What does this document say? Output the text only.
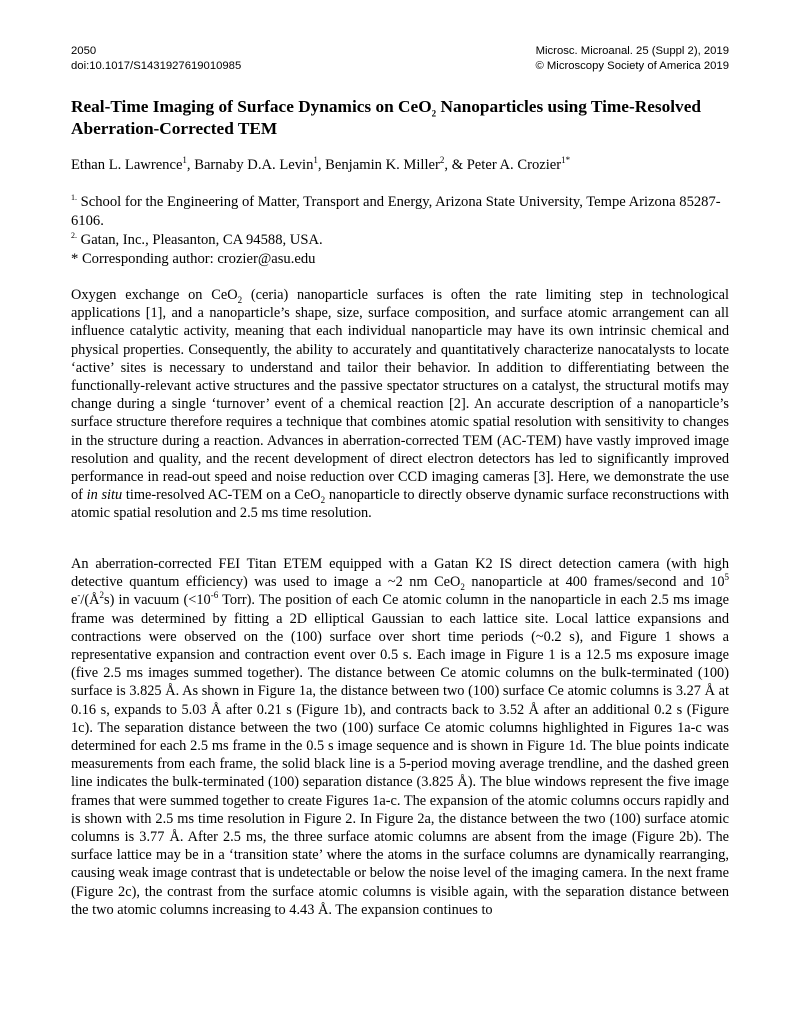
2050
doi:10.1017/S1431927619010985
Microsc. Microanal. 25 (Suppl 2), 2019
© Microscopy Society of America 2019
Real-Time Imaging of Surface Dynamics on CeO$_2$ Nanoparticles using Time-Resolved Aberration-Corrected TEM
Ethan L. Lawrence$^1$, Barnaby D.A. Levin$^1$, Benjamin K. Miller$^2$, & Peter A. Crozier$^{1*}$
$^{1.}$ School for the Engineering of Matter, Transport and Energy, Arizona State University, Tempe Arizona 85287-6106.
$^{2.}$ Gatan, Inc., Pleasanton, CA 94588, USA.
* Corresponding author: crozier@asu.edu
Oxygen exchange on CeO$_2$ (ceria) nanoparticle surfaces is often the rate limiting step in technological applications [1], and a nanoparticle’s shape, size, surface composition, and surface atomic arrangement can all influence catalytic activity, meaning that each individual nanoparticle may have its own intrinsic chemical and physical properties. Consequently, the ability to accurately and quantitatively characterize nanocatalysts to locate ‘active’ sites is necessary to understand and tailor their behavior. In addition to differentiating between the functionally-relevant active structures and the passive spectator structures on a catalyst, the structural motifs may change during a single ‘turnover’ event of a chemical reaction [2]. An accurate description of a nanoparticle’s surface structure therefore requires a technique that combines atomic spatial resolution with sensitivity to changes in the structure during a reaction. Advances in aberration-corrected TEM (AC-TEM) have vastly improved image resolution and quality, and the recent development of direct electron detectors has led to significantly improved performance in read-out speed and noise reduction over CCD imaging cameras [3]. Here, we demonstrate the use of in situ time-resolved AC-TEM on a CeO$_2$ nanoparticle to directly observe dynamic surface reconstructions with atomic spatial resolution and 2.5 ms time resolution.
An aberration-corrected FEI Titan ETEM equipped with a Gatan K2 IS direct detection camera (with high detective quantum efficiency) was used to image a ~2 nm CeO$_2$ nanoparticle at 400 frames/second and $10^5$ $e^-/(Å^2s)$ in vacuum ($<10^{-6}$ Torr). The position of each Ce atomic column in the nanoparticle in each 2.5 ms image frame was determined by fitting a 2D elliptical Gaussian to each lattice site. Local lattice expansions and contractions were observed on the (100) surface over short time periods (~0.2 s), and Figure 1 shows a representative expansion and contraction event over 0.5 s. Each image in Figure 1 is a 12.5 ms exposure image (five 2.5 ms images summed together). The distance between Ce atomic columns on the bulk-terminated (100) surface is 3.825 Å. As shown in Figure 1a, the distance between two (100) surface Ce atomic columns is 3.27 Å at 0.16 s, expands to 5.03 Å after 0.21 s (Figure 1b), and contracts back to 3.52 Å after an additional 0.2 s (Figure 1c). The separation distance between the two (100) surface Ce atomic columns highlighted in Figures 1a-c was determined for each 2.5 ms frame in the 0.5 s image sequence and is shown in Figure 1d. The blue points indicate measurements from each frame, the solid black line is a 5-period moving average trendline, and the dashed green line indicates the bulk-terminated (100) separation distance (3.825 Å). The blue windows represent the five image frames that were summed together to create Figures 1a-c. The expansion of the atomic columns occurs rapidly and is shown with 2.5 ms time resolution in Figure 2. In Figure 2a, the distance between the two (100) surface atomic columns is 3.77 Å. After 2.5 ms, the three surface atomic columns are absent from the image (Figure 2b). The surface lattice may be in a ‘transition state’ where the atoms in the surface columns are dynamically rearranging, causing weak image contrast that is undetectable or below the noise level of the imaging camera. In the next frame (Figure 2c), the contrast from the surface atomic columns is visible again, with the separation distance between the two atomic columns increasing to 4.43 Å. The expansion continues to
